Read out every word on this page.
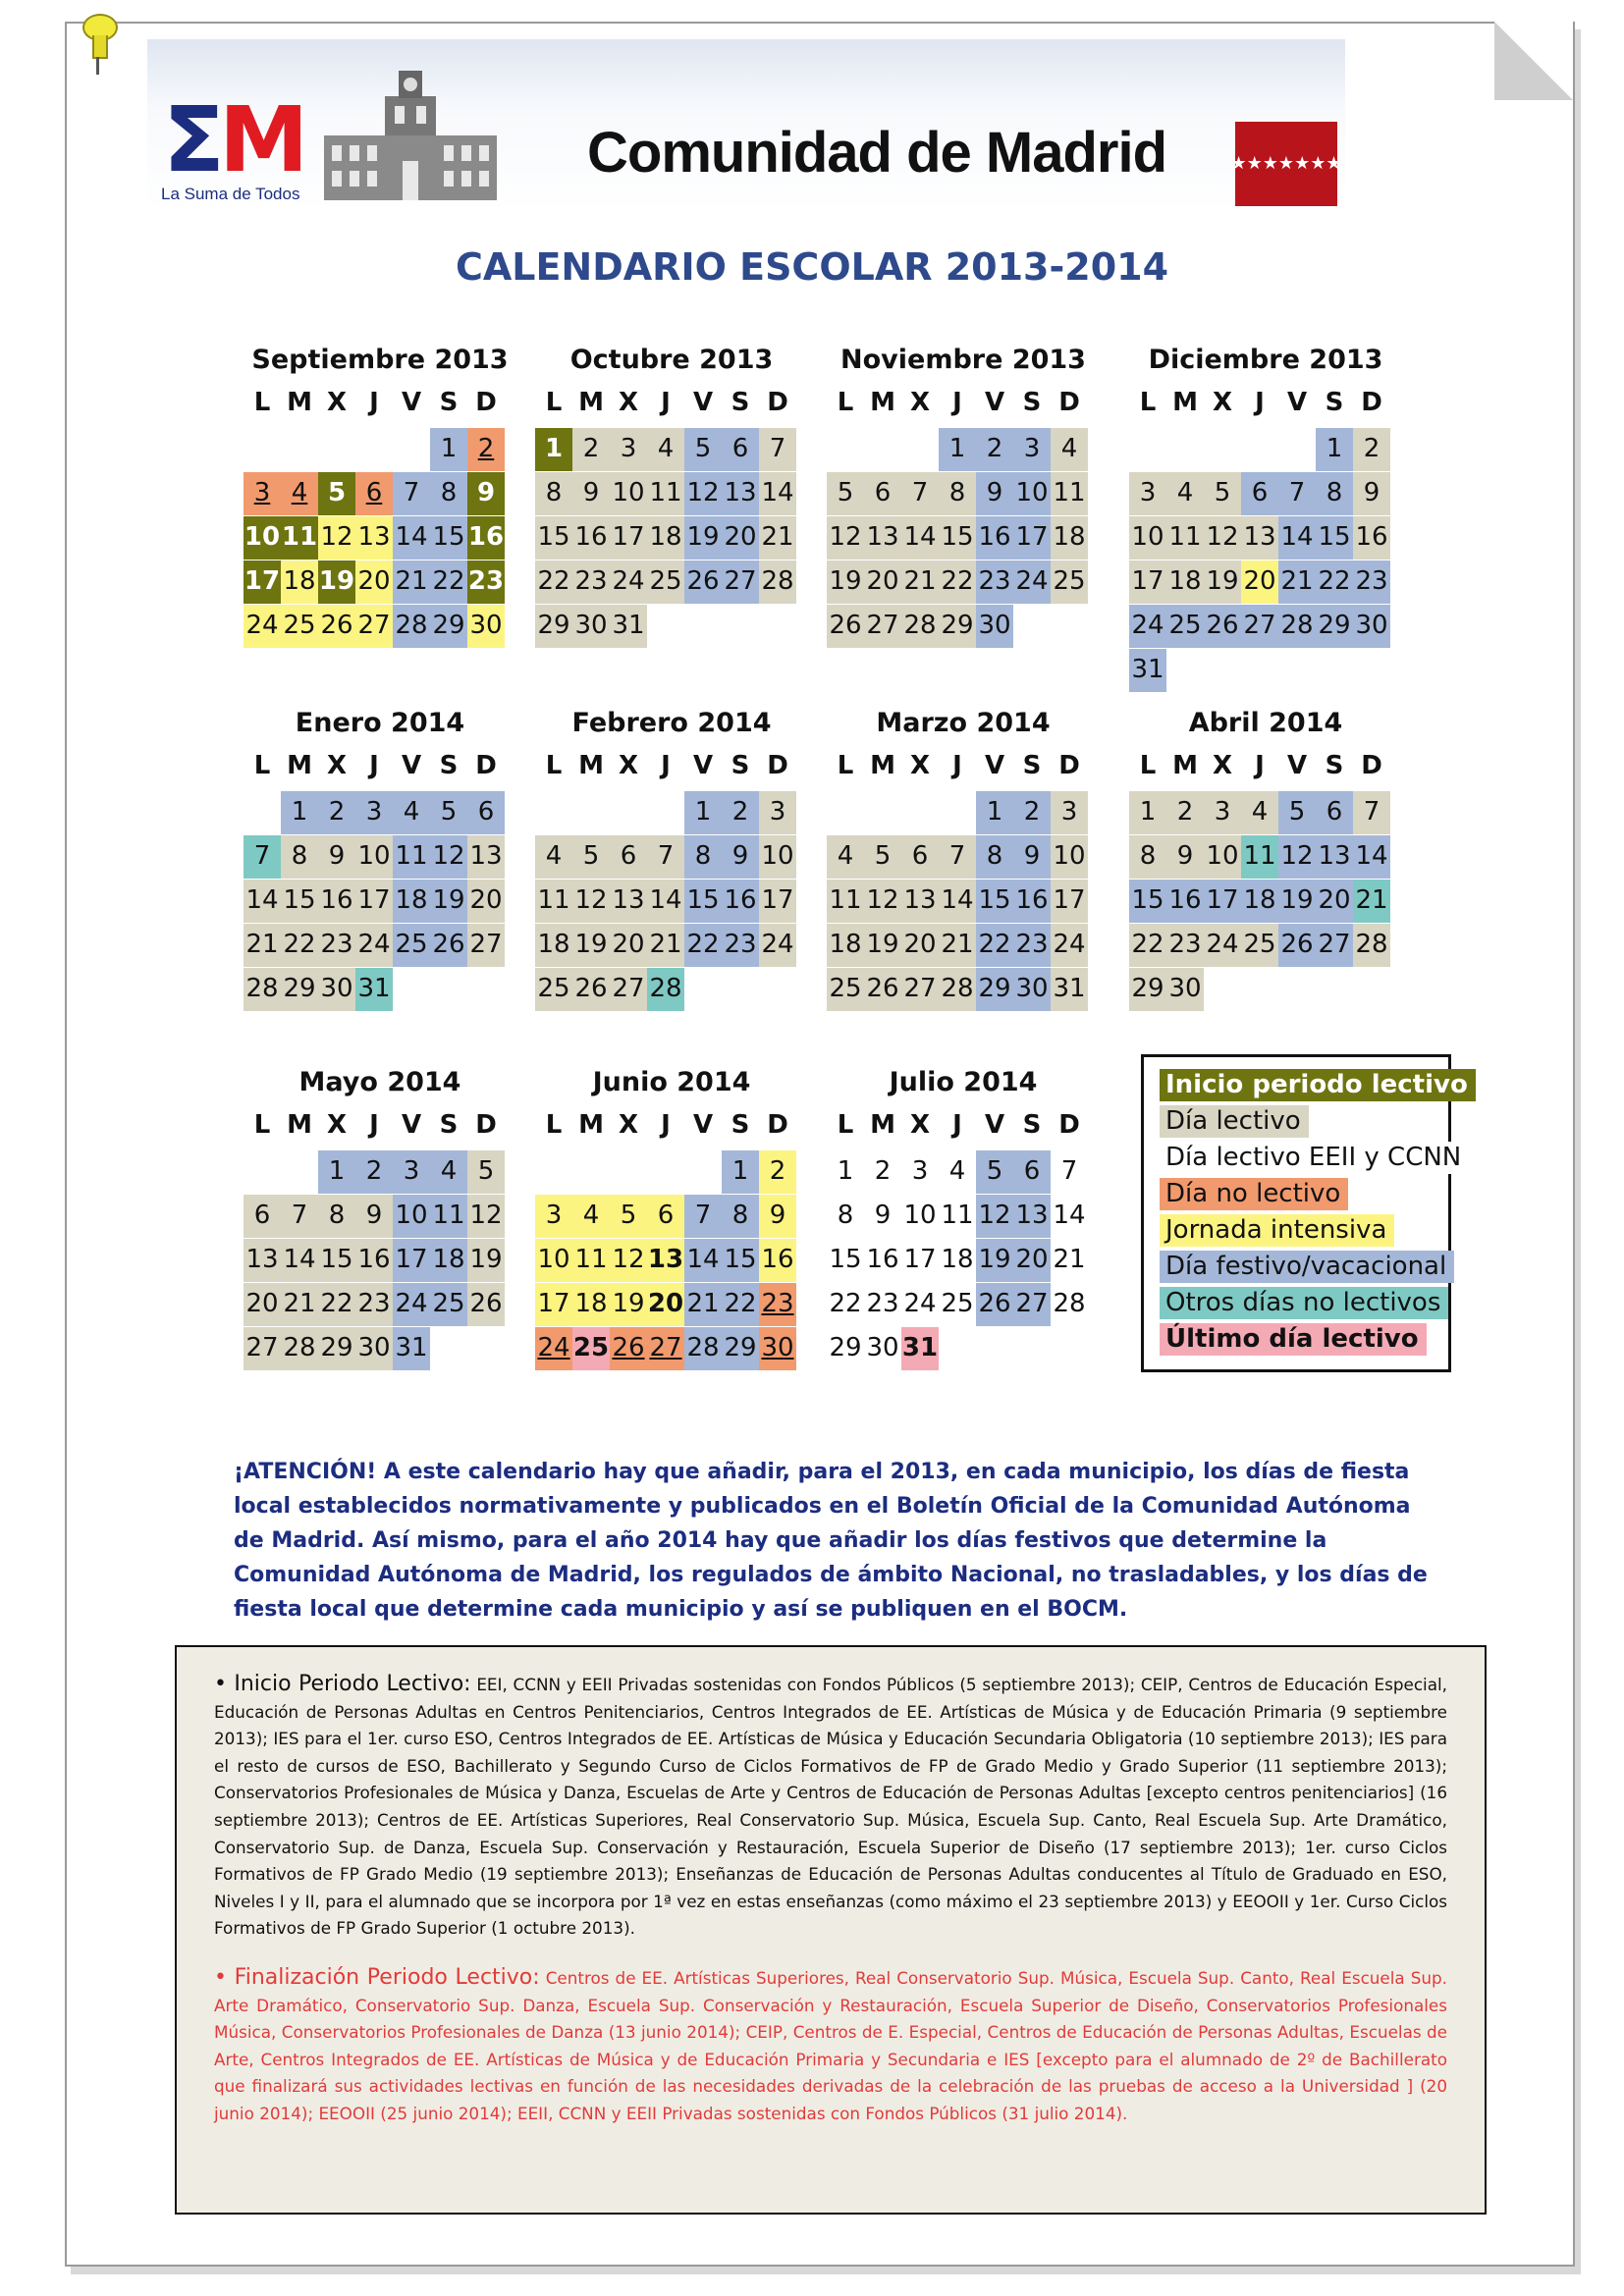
ΣM
La Suma de Todos
Comunidad de Madrid	★★★★★★★
CALENDARIO ESCOLAR 2013-2014
Septiembre 2013
L M X J V S D
1 2
3 4 5 6 7 8 9
10 11 12 13 14 15 16
17 18 19 20 21 22 23
24 25 26 27 28 29 30
Octubre 2013
L M X J V S D
1 2 3 4 5 6 7
8 9 10 11 12 13 14
15 16 17 18 19 20 21
22 23 24 25 26 27 28
29 30 31
Noviembre 2013
L M X J V S D
1 2 3 4
5 6 7 8 9 10 11
12 13 14 15 16 17 18
19 20 21 22 23 24 25
26 27 28 29 30
Diciembre 2013
L M X J V S D
1 2
3 4 5 6 7 8 9
10 11 12 13 14 15 16
17 18 19 20 21 22 23
24 25 26 27 28 29 30
31
Enero 2014
L M X J V S D
1 2 3 4 5 6
7 8 9 10 11 12 13
14 15 16 17 18 19 20
21 22 23 24 25 26 27
28 29 30 31
Febrero 2014
L M X J V S D
1 2 3
4 5 6 7 8 9 10
11 12 13 14 15 16 17
18 19 20 21 22 23 24
25 26 27 28
Marzo 2014
L M X J V S D
1 2 3
4 5 6 7 8 9 10
11 12 13 14 15 16 17
18 19 20 21 22 23 24
25 26 27 28 29 30 31
Abril 2014
L M X J V S D
1 2 3 4 5 6 7
8 9 10 11 12 13 14
15 16 17 18 19 20 21
22 23 24 25 26 27 28
29 30
Mayo 2014
L M X J V S D
1 2 3 4 5
6 7 8 9 10 11 12
13 14 15 16 17 18 19
20 21 22 23 24 25 26
27 28 29 30 31
Junio 2014
L M X J V S D
1 2
3 4 5 6 7 8 9
10 11 12 13 14 15 16
17 18 19 20 21 22 23
24 25 26 27 28 29 30
Julio 2014
L M X J V S D
1 2 3 4 5 6 7
8 9 10 11 12 13 14
15 16 17 18 19 20 21
22 23 24 25 26 27 28
29 30 31
Inicio periodo lectivo
Día lectivo
Día lectivo EEII y CCNN
Día no lectivo
Jornada intensiva
Día festivo/vacacional
Otros días no lectivos
Último día lectivo
¡ATENCIÓN! A este calendario hay que añadir, para el 2013, en cada municipio, los días de fiesta local establecidos normativamente y publicados en el Boletín Oficial de la Comunidad Autónoma de Madrid. Así mismo, para el año 2014 hay que añadir los días festivos que determine la Comunidad Autónoma de Madrid, los regulados de ámbito Nacional, no trasladables, y los días de fiesta local que determine cada municipio y así se publiquen en el BOCM.
• Inicio Periodo Lectivo: EEI, CCNN y EEII Privadas sostenidas con Fondos Públicos (5 septiembre 2013); CEIP, Centros de Educación Especial, Educación de Personas Adultas en Centros Penitenciarios, Centros Integrados de EE. Artísticas de Música y de Educación Primaria (9 septiembre 2013); IES para el 1er. curso ESO, Centros Integrados de EE. Artísticas de Música y Educación Secundaria Obligatoria (10 septiembre 2013); IES para el resto de cursos de ESO, Bachillerato y Segundo Curso de Ciclos Formativos de FP de Grado Medio y Grado Superior (11 septiembre 2013); Conservatorios Profesionales de Música y Danza, Escuelas de Arte y Centros de Educación de Personas Adultas [excepto centros penitenciarios] (16 septiembre 2013); Centros de EE. Artísticas Superiores, Real Conservatorio Sup. Música, Escuela Sup. Canto, Real Escuela Sup. Arte Dramático, Conservatorio Sup. de Danza, Escuela Sup. Conservación y Restauración, Escuela Superior de Diseño (17 septiembre 2013); 1er. curso Ciclos Formativos de FP Grado Medio (19 septiembre 2013); Enseñanzas de Educación de Personas Adultas conducentes al Título de Graduado en ESO, Niveles I y II, para el alumnado que se incorpora por 1ª vez en estas enseñanzas (como máximo el 23 septiembre 2013) y EEOOII y 1er. Curso Ciclos Formativos de FP Grado Superior (1 octubre 2013).
• Finalización Periodo Lectivo: Centros de EE. Artísticas Superiores, Real Conservatorio Sup. Música, Escuela Sup. Canto, Real Escuela Sup. Arte Dramático, Conservatorio Sup. Danza, Escuela Sup. Conservación y Restauración, Escuela Superior de Diseño, Conservatorios Profesionales Música, Conservatorios Profesionales de Danza (13 junio 2014); CEIP, Centros de E. Especial, Centros de Educación de Personas Adultas, Escuelas de Arte, Centros Integrados de EE. Artísticas de Música y de Educación Primaria y Secundaria e IES [excepto para el alumnado de 2º de Bachillerato que finalizará sus actividades lectivas en función de las necesidades derivadas de la celebración de las pruebas de acceso a la Universidad ] (20 junio 2014); EEOOII (25 junio 2014); EEII, CCNN y EEII Privadas sostenidas con Fondos Públicos (31 julio 2014).
